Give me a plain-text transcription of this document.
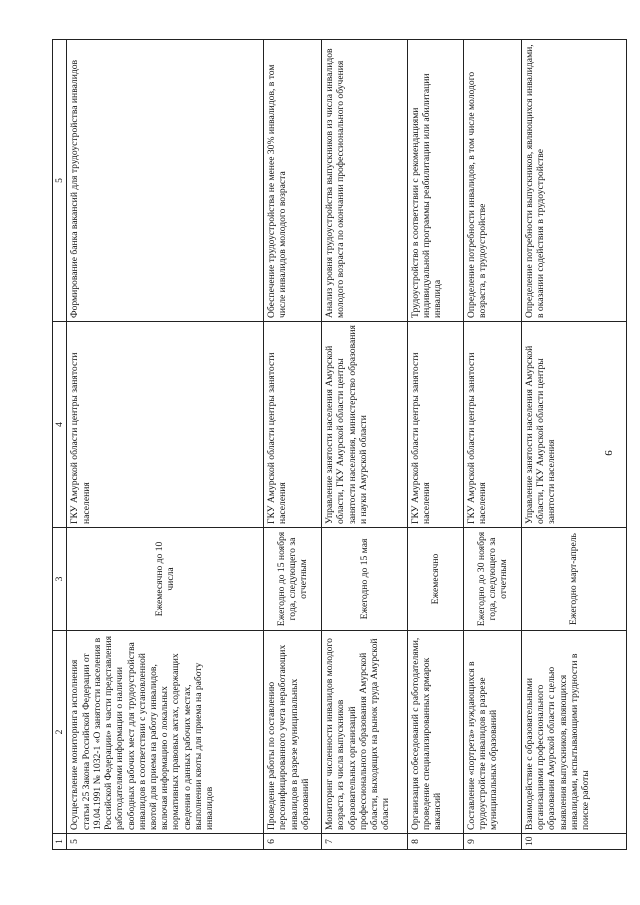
9
1	2	3	4	5
5	Осуществление мониторинга исполнения статьи 25 Закона Российской Федерации от 19.04.1991 № 1032-1 «О занятости населения в Российской Федерации» в части представления работодателями информации о наличии свободных рабочих мест для трудоустройства инвалидов в соответствии с установленной квотой для приема на работу инвалидов, включая информацию о локальных нормативных правовых актах, содержащих сведения о данных рабочих местах, выполнении квоты для приема на работу инвалидов	Ежемесячно до 10 числа	ГКУ Амурской области центры занятости населения	Формирование банка вакансий для трудоустройства инвалидов
6	Проведение работы по составлению персонифицированного учета неработающих инвалидов в разрезе муниципальных образований	Ежегодно до 15 ноября года, следующего за отчетным	ГКУ Амурской области центры занятости населения	Обеспечение трудоустройства не менее 30% инвалидов, в том числе инвалидов молодого возраста
7	Мониторинг численности инвалидов молодого возраста, из числа выпускников образовательных организаций профессионального образования Амурской области, выходящих на рынок труда Амурской области	Ежегодно до 15 мая	Управление занятости населения Амурской области, ГКУ Амурской области центры занятости населения, министерство образования и науки Амурской области	Анализ уровня трудоустройства выпускников из числа инвалидов молодого возраста по окончании профессионального обучения
8	Организация собеседований с работодателями, проведение специализированных ярмарок вакансий	Ежемесячно	ГКУ Амурской области центры занятости населения	Трудоустройство в соответствии с рекомендациями индивидуальной программы реабилитации или абилитации инвалида
9	Составление «портрета» нуждающихся в трудоустройстве инвалидов в разрезе муниципальных образований	Ежегодно до 30 ноября года, следующего за отчетным	ГКУ Амурской области центры занятости населения	Определение потребности инвалидов, в том числе молодого возраста, в трудоустройстве
10	Взаимодействие с образовательными организациями профессионального образования Амурской области с целью выявления выпускников, являющихся инвалидами, испытывающими трудности в поиске работы	Ежегодно март-апрель	Управление занятости населения Амурской области, ГКУ Амурской области центры занятости населения	Определение потребности выпускников, являющихся инвалидами, в оказании содействия в трудоустройстве
